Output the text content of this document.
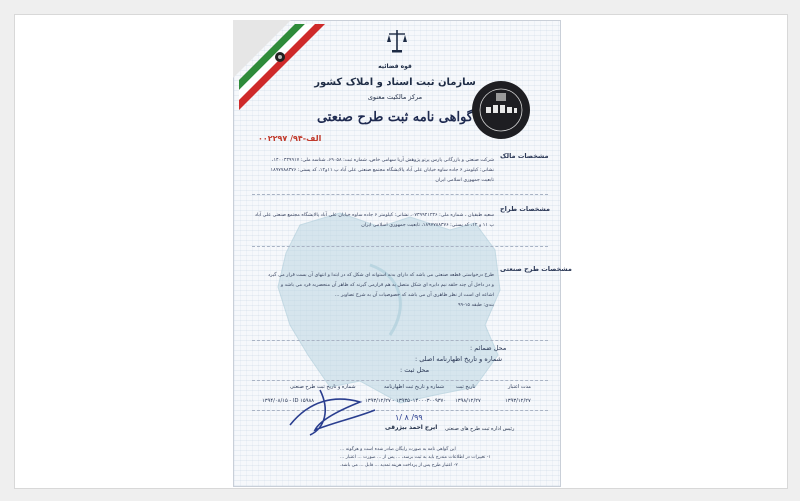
قوه قضائیه
سازمان ثبت اسناد و املاک کشور
مرکز مالکیت معنوی
گواهی نامه ثبت طرح صنعتی
الف-۹۴/ ۰۰۲۲۹۷
مشخصات مالک
شرکت صنعتی و بازرگانی پارس پرتو پژوهش آریا سهامی خاص، شماره ثبت: ۶۹۰۵۸، شناسه ملی: ۱۴۰۰۴۳۹۹۱۷،
نشانی: کیلومتر ۶ جاده ساوه خیابان علی آباد پالایشگاه مجتمع صنعتی علی آباد پ ۱۱و۱۲، کد پستی: ۱۸۹۷۷۸۸۳۷۶
تابعیت جمهوری اسلامی ایران
مشخصات طراح
سعید طبقیان ، شماره ملی: ۰۷۳۹۹۴۱۲۳۶، نشانی: کیلومتر ۶ جاده ساوه خیابان علی آباد پالایشگاه مجتمع صنعتی علی آباد
پ ۱۱ و ۱۲، کد پستی: ۱۸۹۷۷۸۸۳۷۶، تابعیت جمهوری اسلامی ایران
مشخصات طرح صنعتی
طرح درخواستی قطعه صنعتی می باشد که دارای بدنه استوانه ای شکل که در ابتدا و انتهای آن بست قرار می گیرد
و در داخل آن چند حلقه نیم دایره ای شکل متصل به هم قرارمی گیرند که ظاهر آن منحصربه فرد می باشد و
اشاعه ای است از نظر ظاهری آن می باشد که خصوصیات آن به شرح تصاویر ...
بندی: طبقه ۱۵-۹۹
محل ضمائم :
شماره و تاریخ اظهارنامه اصلی :
محل ثبت :
مدت اعتبار
تاریخ ثبت
شماره و تاریخ ثبت اظهارنامه
شماره و تاریخ ثبت طرح صنعتی
۱۳۹۳/۱۲/۲۷
۱۳۹۸/۱۲/۲۷
۱۳۹۳/۱۲/۲۷ - ۱۳۹۳۵۰۱۴۰۰۰۳۰۰۹۳۷۰
۱۳۹۴/۰۸/۱۵ - ID ۱۵۹۸۸
۹۹/ ۸ /۱
ایرج احمد بیژرقی رئیس اداره ثبت طرح های صنعتی
این گواهی نامه به صورت رایگان صادر شده است و هرگونه ...
۱- تغییرات در اطلاعات مندرج باید به ثبت برسد، ... پس از ... صورت ... اعتبار ...
۲- اعتبار طرح پس از پرداخت هزینه تمدید ... قابل ... می باشد.
